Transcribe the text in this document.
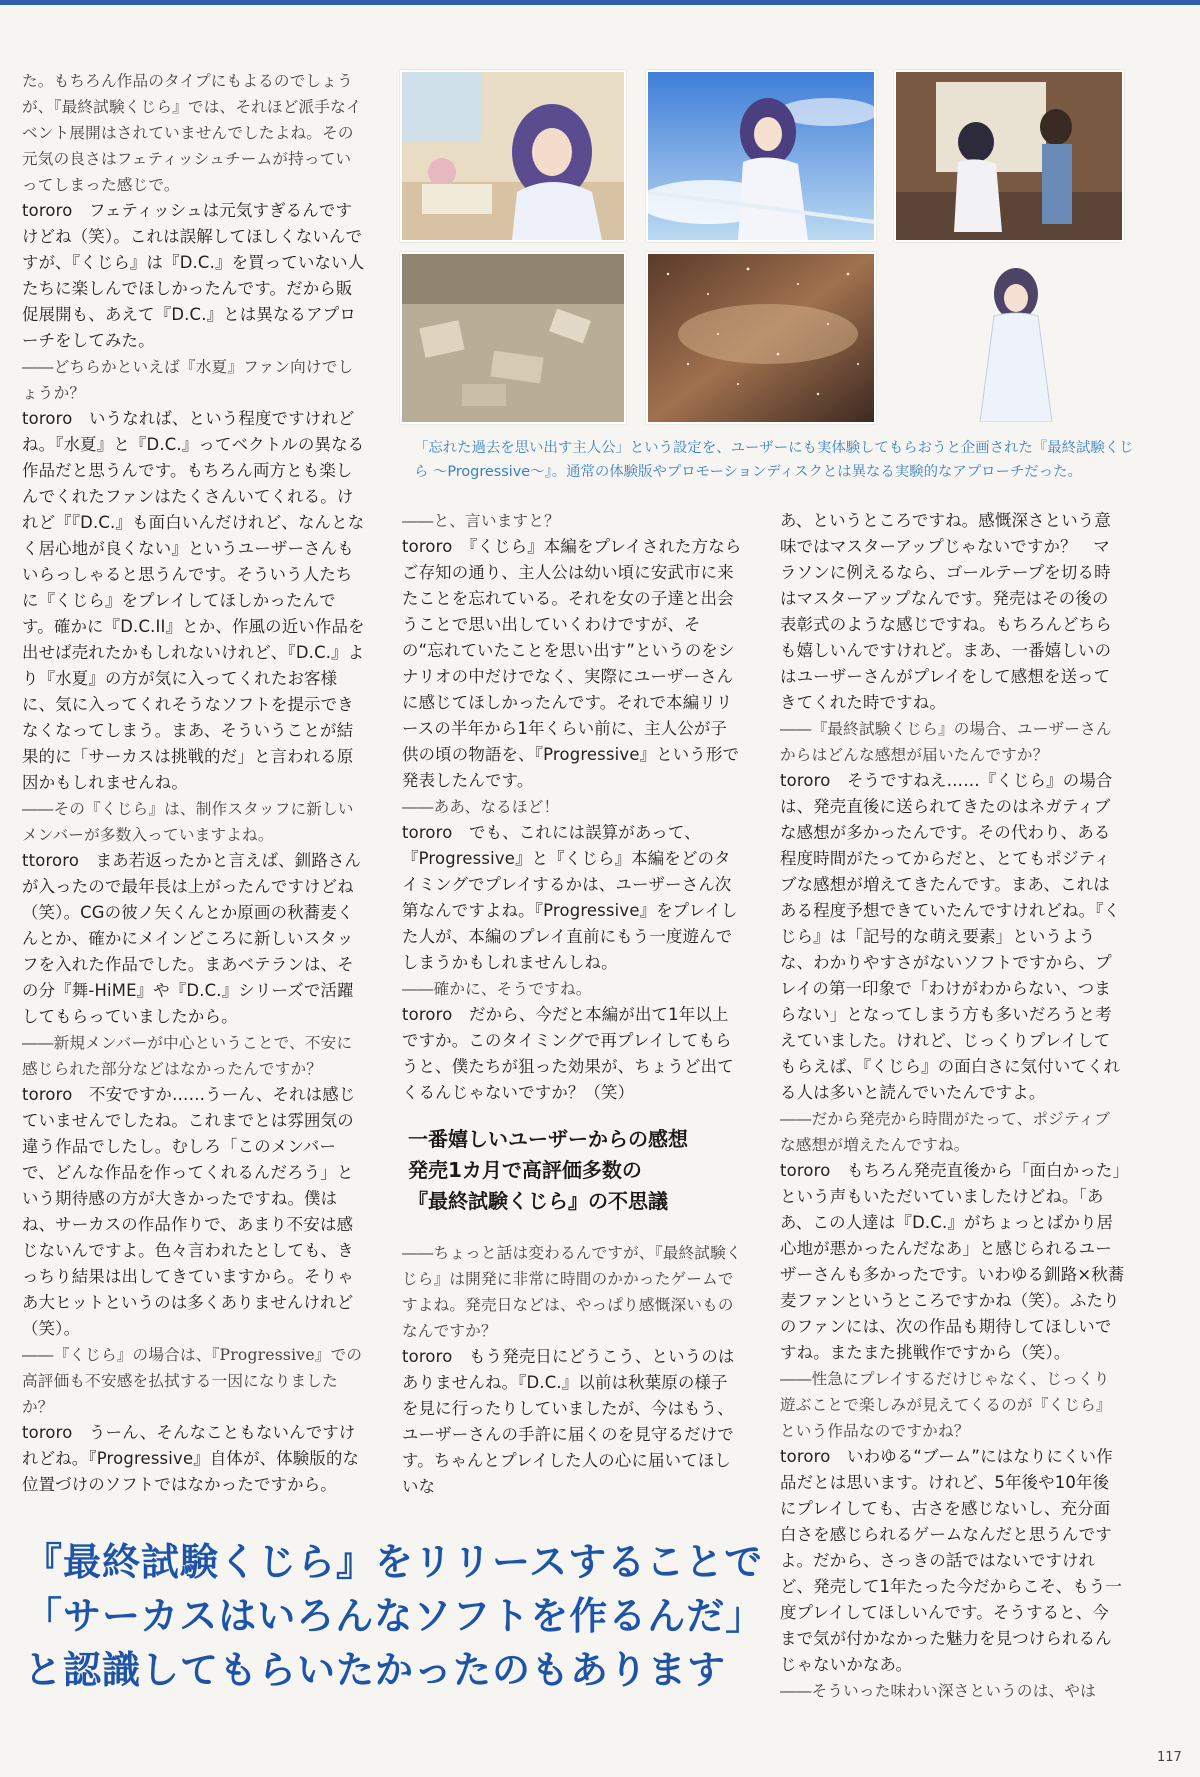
た。もちろん作品のタイプにもよるのでしょうが、『最終試験くじら』では、それほど派手なイベント展開はされていませんでしたよね。その元気の良さはフェティッシュチームが持っていってしまった感じで。

tororo　フェティッシュは元気すぎるんですけどね（笑）。これは誤解してほしくないんですが、『くじら』は『D.C.』を買っていない人たちに楽しんでほしかったんです。だから販促展開も、あえて『D.C.』とは異なるアプローチをしてみた。

――どちらかといえば『水夏』ファン向けでしょうか？

tororo　いうなれば、という程度ですけれどね。『水夏』と『D.C.』ってベクトルの異なる作品だと思うんです。もちろん両方とも楽しんでくれたファンはたくさんいてくれる。けれど『『D.C.』も面白いんだけれど、なんとなく居心地が良くない』というユーザーさんもいらっしゃると思うんです。そういう人たちに『くじら』をプレイしてほしかったんです。確かに『D.C.II』とか、作風の近い作品を出せば売れたかもしれないけれど、『D.C.』より『水夏』の方が気に入ってくれたお客様に、気に入ってくれそうなソフトを提示できなくなってしまう。まあ、そういうことが結果的に「サーカスは挑戦的だ」と言われる原因かもしれませんね。

――その『くじら』は、制作スタッフに新しいメンバーが多数入っていますよね。

ttororo　まあ若返ったかと言えば、釧路さんが入ったので最年長は上がったんですけどね（笑）。CGの彼ノ矢くんとか原画の秋蕎麦くんとか、確かにメインどころに新しいスタッフを入れた作品でした。まあベテランは、その分『舞-HiME』や『D.C.』シリーズで活躍してもらっていましたから。

――新規メンバーが中心ということで、不安に感じられた部分などはなかったんですか？

tororo　不安ですか……うーん、それは感じていませんでしたね。これまでとは雰囲気の違う作品でしたし。むしろ「このメンバーで、どんな作品を作ってくれるんだろう」という期待感の方が大きかったですね。僕はね、サーカスの作品作りで、あまり不安は感じないんですよ。色々言われたとしても、きっちり結果は出してきていますから。そりゃあ大ヒットというのは多くありませんけれど（笑）。

――『くじら』の場合は、『Progressive』での高評価も不安感を払拭する一因になりましたか？

tororo　うーん、そんなこともないんですけれどね。『Progressive』自体が、体験版的な位置づけのソフトではなかったですから。

「忘れた過去を思い出す主人公」という設定を、ユーザーにも実体験してもらおうと企画された『最終試験くじら ～Progressive～』。通常の体験版やプロモーションディスクとは異なる実験的なアプローチだった。

――と、言いますと？

tororo　『くじら』本編をプレイされた方ならご存知の通り、主人公は幼い頃に安武市に来たことを忘れている。それを女の子達と出会うことで思い出していくわけですが、その“忘れていたことを思い出す”というのをシナリオの中だけでなく、実際にユーザーさんに感じてほしかったんです。それで本編リリースの半年から1年くらい前に、主人公が子供の頃の物語を、『Progressive』という形で発表したんです。

――ああ、なるほど！

tororo　でも、これには誤算があって、『Progressive』と『くじら』本編をどのタイミングでプレイするかは、ユーザーさん次第なんですよね。『Progressive』をプレイした人が、本編のプレイ直前にもう一度遊んでしまうかもしれませんしね。

――確かに、そうですね。

tororo　だから、今だと本編が出て1年以上ですか。このタイミングで再プレイしてもらうと、僕たちが狙った効果が、ちょうど出てくるんじゃないですか？（笑）

一番嬉しいユーザーからの感想
発売1カ月で高評価多数の
『最終試験くじら』の不思議

――ちょっと話は変わるんですが、『最終試験くじら』は開発に非常に時間のかかったゲームですよね。発売日などは、やっぱり感慨深いものなんですか？

tororo　もう発売日にどうこう、というのはありませんね。『D.C.』以前は秋葉原の様子を見に行ったりしていましたが、今はもう、ユーザーさんの手許に届くのを見守るだけです。ちゃんとプレイした人の心に届いてほしいな

あ、というところですね。感慨深さという意味ではマスターアップじゃないですか？　マラソンに例えるなら、ゴールテープを切る時はマスターアップなんです。発売はその後の表彰式のような感じですね。もちろんどちらも嬉しいんですけれど。まあ、一番嬉しいのはユーザーさんがプレイをして感想を送ってきてくれた時ですね。

――『最終試験くじら』の場合、ユーザーさんからはどんな感想が届いたんですか？

tororo　そうですねえ……『くじら』の場合は、発売直後に送られてきたのはネガティブな感想が多かったんです。その代わり、ある程度時間がたってからだと、とてもポジティブな感想が増えてきたんです。まあ、これはある程度予想できていたんですけれどね。『くじら』は「記号的な萌え要素」というような、わかりやすさがないソフトですから、プレイの第一印象で「わけがわからない、つまらない」となってしまう方も多いだろうと考えていました。けれど、じっくりプレイしてもらえば、『くじら』の面白さに気付いてくれる人は多いと読んでいたんですよ。

――だから発売から時間がたって、ポジティブな感想が増えたんですね。

tororo　もちろん発売直後から「面白かった」という声もいただいていましたけどね。「ああ、この人達は『D.C.』がちょっとばかり居心地が悪かったんだなあ」と感じられるユーザーさんも多かったです。いわゆる釧路×秋蕎麦ファンというところですかね（笑）。ふたりのファンには、次の作品も期待してほしいですね。またまた挑戦作ですから（笑）。

――性急にプレイするだけじゃなく、じっくり遊ぶことで楽しみが見えてくるのが『くじら』という作品なのですかね？

tororo　いわゆる“ブーム”にはなりにくい作品だとは思います。けれど、5年後や10年後にプレイしても、古さを感じないし、充分面白さを感じられるゲームなんだと思うんですよ。だから、さっきの話ではないですけれど、発売して1年たった今だからこそ、もう一度プレイしてほしいんです。そうすると、今まで気が付かなかった魅力を見つけられるんじゃないかなあ。

――そういった味わい深さというのは、やは

『最終試験くじら』をリリースすることで
「サーカスはいろんなソフトを作るんだ」
と認識してもらいたかったのもあります
117
